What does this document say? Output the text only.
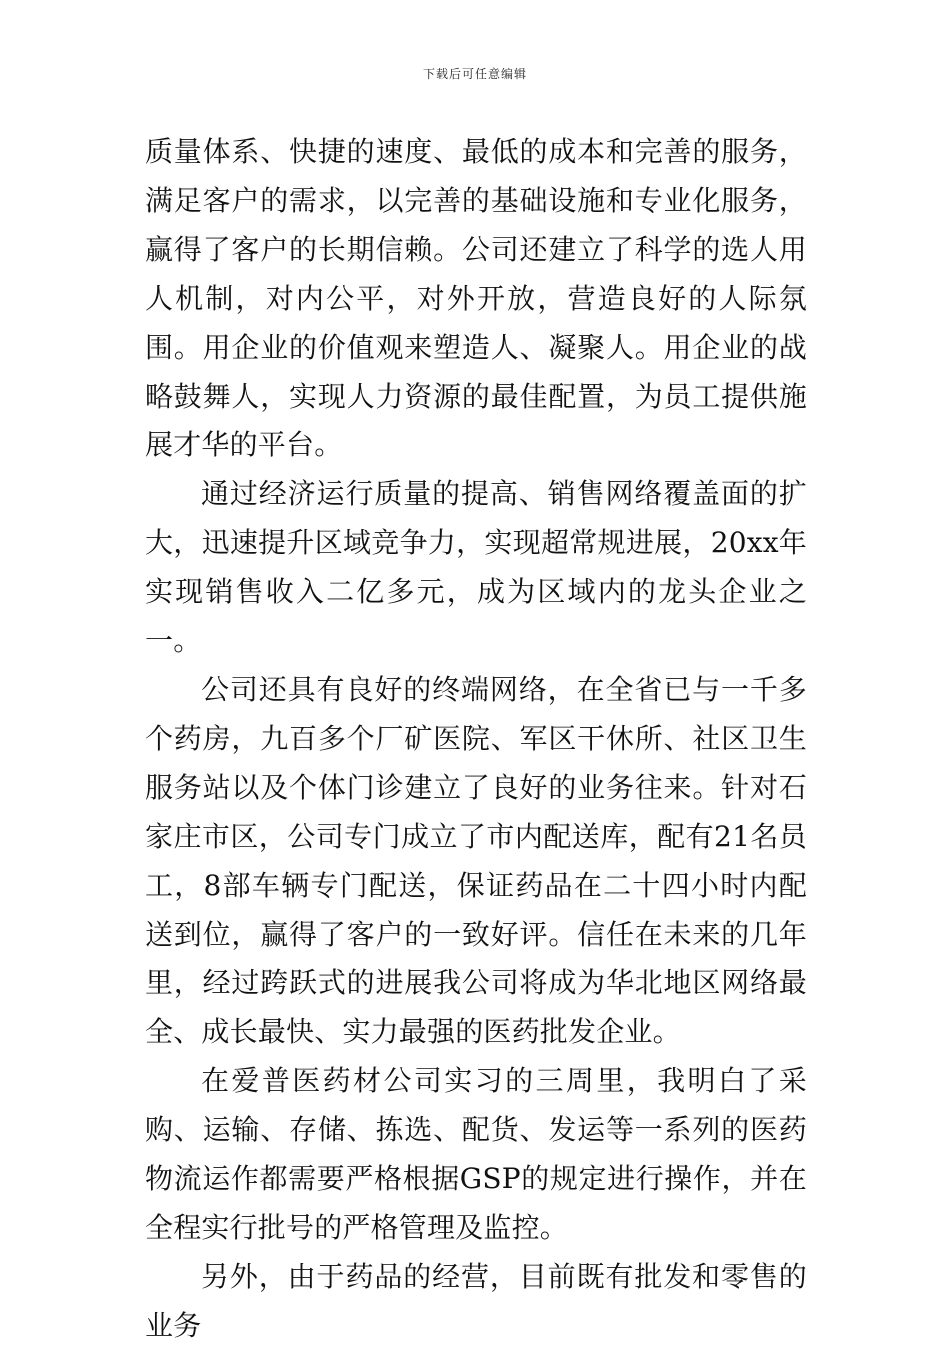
下载后可任意编辑

质量体系、快捷的速度、最低的成本和完善的服务，满足客户的需求，以完善的基础设施和专业化服务，赢得了客户的长期信赖。公司还建立了科学的选人用人机制，对内公平，对外开放，营造良好的人际氛围。用企业的价值观来塑造人、凝聚人。用企业的战略鼓舞人，实现人力资源的最佳配置，为员工提供施展才华的平台。

通过经济运行质量的提高、销售网络覆盖面的扩大，迅速提升区域竞争力，实现超常规进展，20xx年实现销售收入二亿多元，成为区域内的龙头企业之一。

公司还具有良好的终端网络，在全省已与一千多个药房，九百多个厂矿医院、军区干休所、社区卫生服务站以及个体门诊建立了良好的业务往来。针对石家庄市区，公司专门成立了市内配送库，配有21名员工，8部车辆专门配送，保证药品在二十四小时内配送到位，赢得了客户的一致好评。信任在未来的几年里，经过跨跃式的进展我公司将成为华北地区网络最全、成长最快、实力最强的医药批发企业。

在爱普医药材公司实习的三周里，我明白了采购、运输、存储、拣选、配货、发运等一系列的医药物流运作都需要严格根据GSP的规定进行操作，并在全程实行批号的严格管理及监控。

另外，由于药品的经营，目前既有批发和零售的业务
